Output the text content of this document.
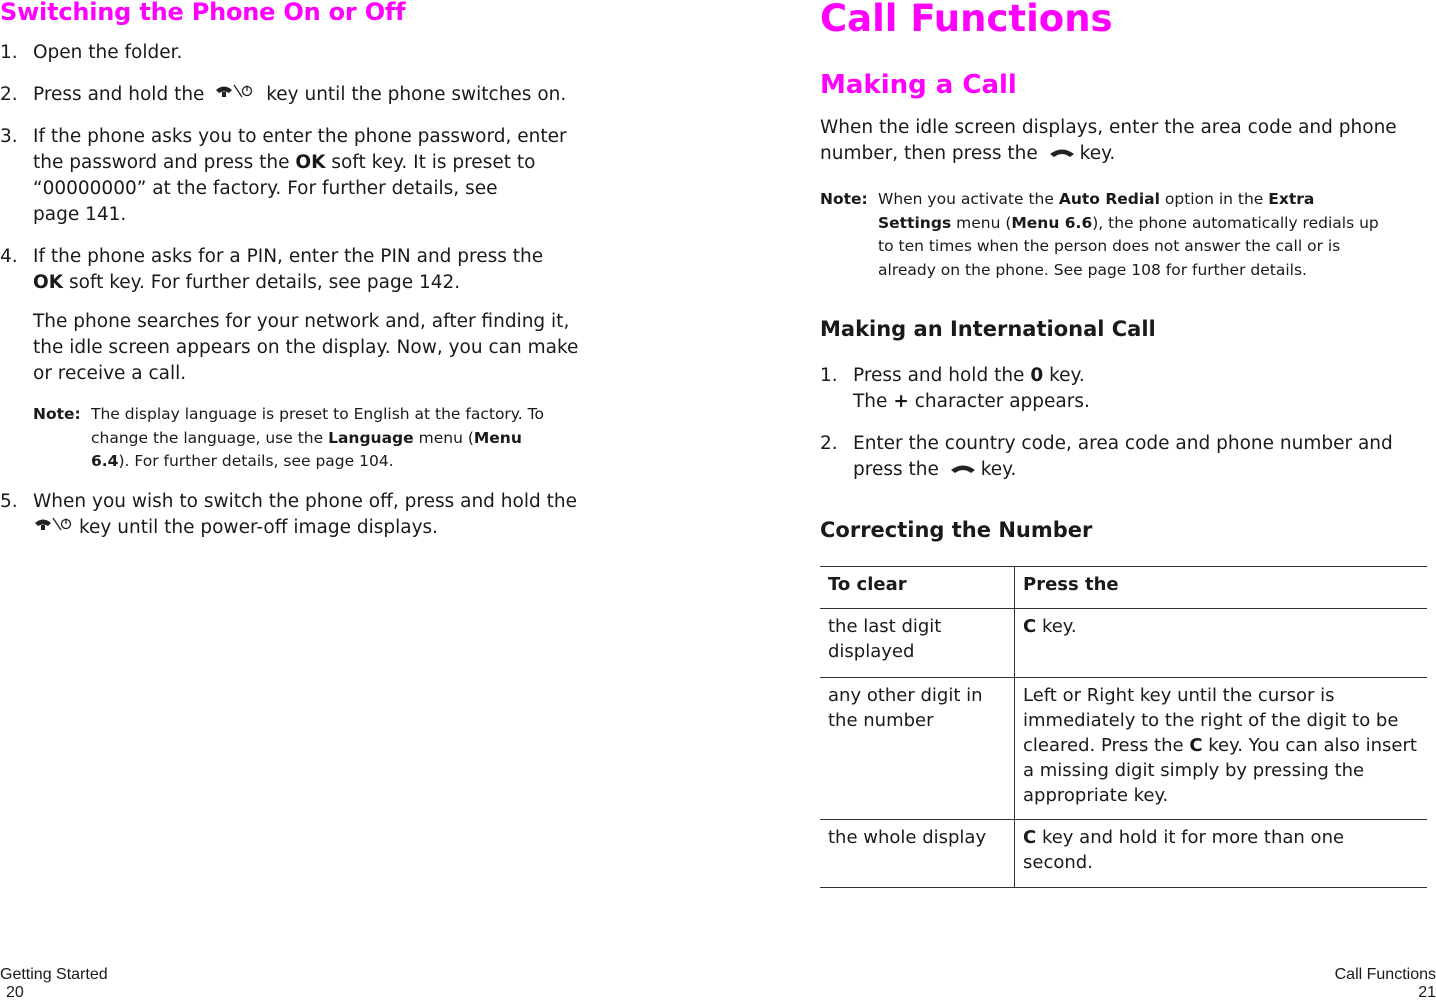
Switching the Phone On or Off
1. Open the folder.
2. Press and hold the	key until the phone switches on.
3. If the phone asks you to enter the phone password, enter
the password and press the OK soft key. It is preset to
“00000000” at the factory. For further details, see
page 141.
4. If the phone asks for a PIN, enter the PIN and press the
OK soft key. For further details, see page 142.
The phone searches for your network and, after finding it,
the idle screen appears on the display. Now, you can make
or receive a call.
Note: The display language is preset to English at the factory. To
change the language, use the Language menu (Menu
6.4). For further details, see page 104.
5. When you wish to switch the phone off, press and hold the
key until the power-off image displays.
Call Functions
Making a Call
When the idle screen displays, enter the area code and phone
number, then press the key.
Note: When you activate the Auto Redial option in the Extra
Settings menu (Menu 6.6), the phone automatically redials up
to ten times when the person does not answer the call or is
already on the phone. See page 108 for further details.
Making an International Call
1. Press and hold the 0 key.
The + character appears.
2. Enter the country code, area code and phone number and
press the key.
Correcting the Number
To clear	Press the
the last digit displayed	C key.
any other digit in the number	Left or Right key until the cursor is immediately to the right of the digit to be cleared. Press the C key. You can also insert a missing digit simply by pressing the appropriate key.
the whole display	C key and hold it for more than one second.
Getting Started
20
Call Functions
21
